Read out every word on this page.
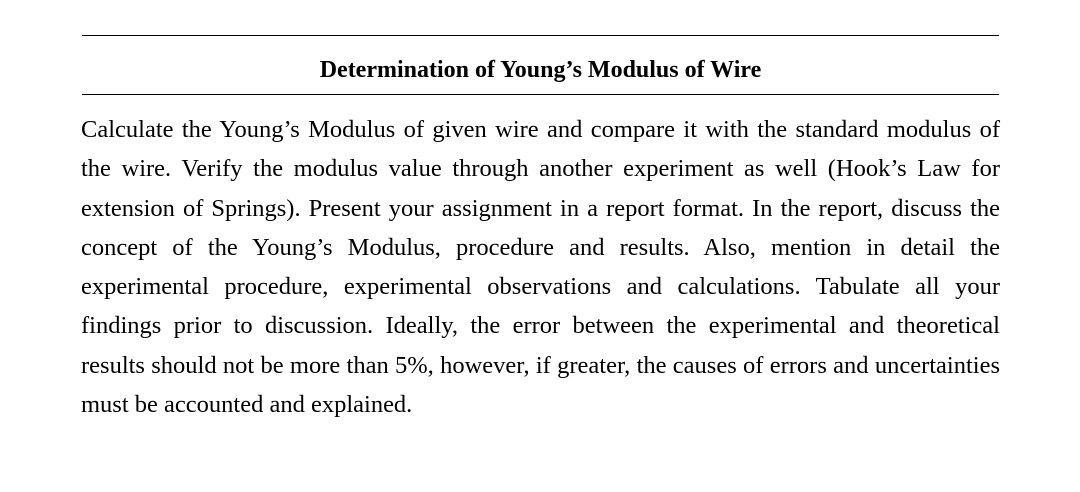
Determination of Young’s Modulus of Wire

Calculate the Young’s Modulus of given wire and compare it with the standard modulus of the wire. Verify the modulus value through another experiment as well (Hook’s Law for extension of Springs). Present your assignment in a report format. In the report, discuss the concept of the Young’s Modulus, procedure and results. Also, mention in detail the experimental procedure, experimental observations and calculations. Tabulate all your findings prior to discussion. Ideally, the error between the experimental and theoretical results should not be more than 5%, however, if greater, the causes of errors and uncertainties must be accounted and explained.
